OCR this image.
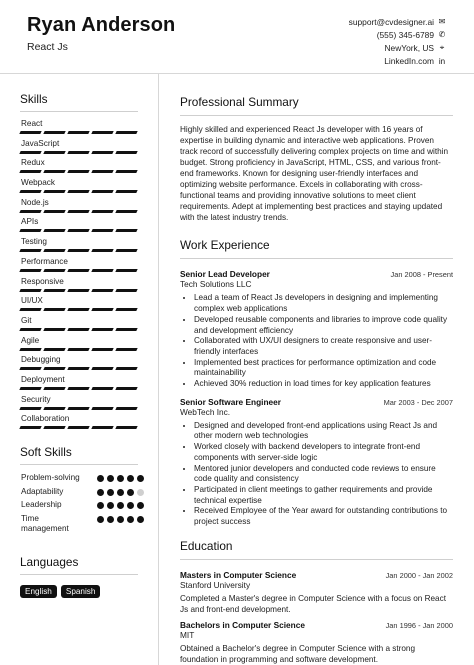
Ryan Anderson
React Js
support@cvdesigner.ai ✉
(555) 345-6789 ✆
NewYork, US ⌖
LinkedIn.com in
Skills
React
JavaScript
Redux
Webpack
Node.js
APIs
Testing
Performance
Responsive
UI/UX
Git
Agile
Debugging
Deployment
Security
Collaboration
Soft Skills
Problem-solving
Adaptability
Leadership
Time management
Languages
English	Spanish
Professional Summary
Highly skilled and experienced React Js developer with 16 years of expertise in building dynamic and interactive web applications. Proven track record of successfully delivering complex projects on time and within budget. Strong proficiency in JavaScript, HTML, CSS, and various front-end frameworks. Known for designing user-friendly interfaces and optimizing website performance. Excels in collaborating with cross-functional teams and providing innovative solutions to meet client requirements. Adept at implementing best practices and staying updated with the latest industry trends.
Work Experience
Senior Lead Developer	Jan 2008 - Present
Tech Solutions LLC
• Lead a team of React Js developers in designing and implementing complex web applications
• Developed reusable components and libraries to improve code quality and development efficiency
• Collaborated with UX/UI designers to create responsive and user-friendly interfaces
• Implemented best practices for performance optimization and code maintainability
• Achieved 30% reduction in load times for key application features
Senior Software Engineer	Mar 2003 - Dec 2007
WebTech Inc.
• Designed and developed front-end applications using React Js and other modern web technologies
• Worked closely with backend developers to integrate front-end components with server-side logic
• Mentored junior developers and conducted code reviews to ensure code quality and consistency
• Participated in client meetings to gather requirements and provide technical expertise
• Received Employee of the Year award for outstanding contributions to project success
Education
Masters in Computer Science	Jan 2000 - Jan 2002
Stanford University
Completed a Master's degree in Computer Science with a focus on React Js and front-end development.
Bachelors in Computer Science	Jan 1996 - Jan 2000
MIT
Obtained a Bachelor's degree in Computer Science with a strong foundation in programming and software development.
